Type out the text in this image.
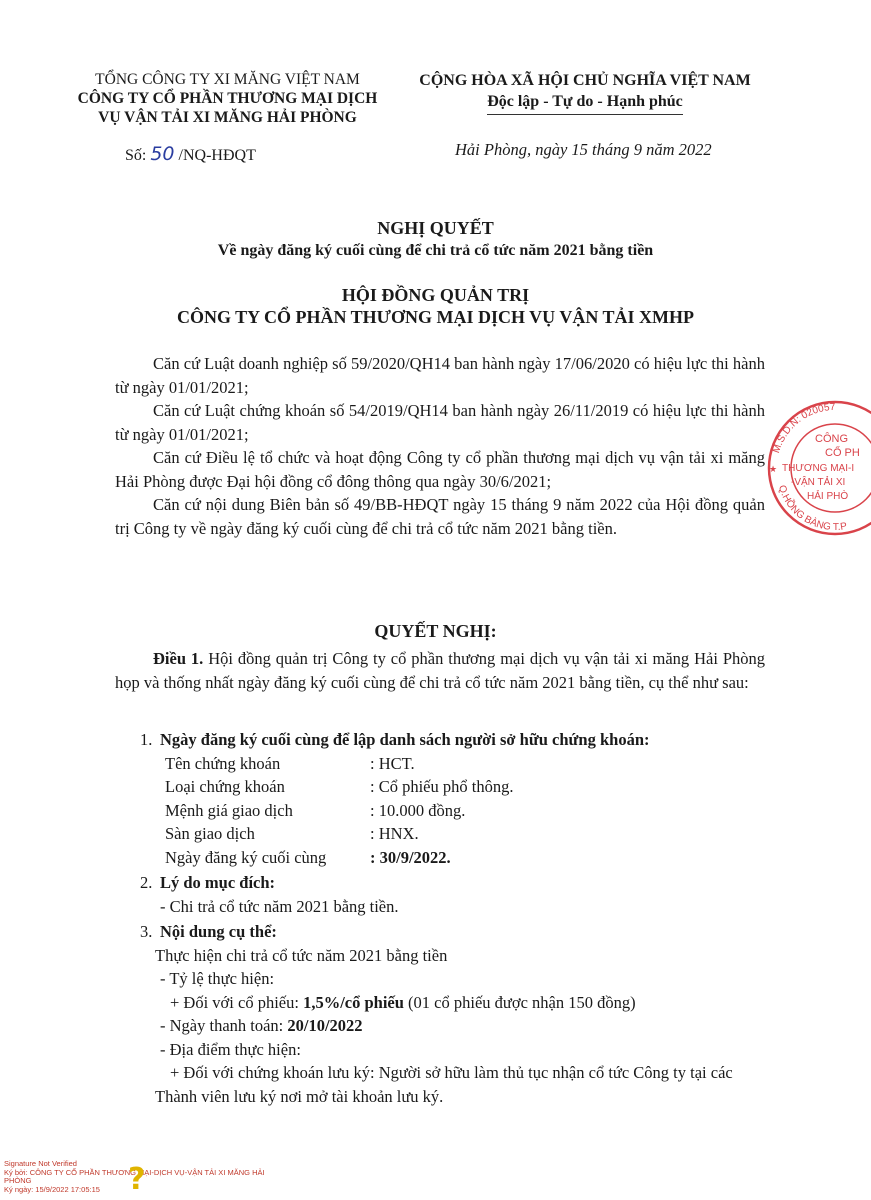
TỔNG CÔNG TY XI MĂNG VIỆT NAM
CÔNG TY CỔ PHẦN THƯƠNG MẠI DỊCH
VỤ VẬN TẢI XI MĂNG HẢI PHÒNG
CỘNG HÒA XÃ HỘI CHỦ NGHĨA VIỆT NAM
Độc lập - Tự do - Hạnh phúc
Số: 50 /NQ-HĐQT	Hải Phòng, ngày 15 tháng 9 năm 2022
NGHỊ QUYẾT
Về ngày đăng ký cuối cùng để chi trả cổ tức năm 2021 bằng tiền
HỘI ĐỒNG QUẢN TRỊ
CÔNG TY CỔ PHẦN THƯƠNG MẠI DỊCH VỤ VẬN TẢI XMHP

Căn cứ Luật doanh nghiệp số 59/2020/QH14 ban hành ngày 17/06/2020 có hiệu lực thi hành từ ngày 01/01/2021;

Căn cứ Luật chứng khoán số 54/2019/QH14 ban hành ngày 26/11/2019 có hiệu lực thi hành từ ngày 01/01/2021;

Căn cứ Điều lệ tổ chức và hoạt động Công ty cổ phần thương mại dịch vụ vận tải xi măng Hải Phòng được Đại hội đồng cổ đông thông qua ngày 30/6/2021;

Căn cứ nội dung Biên bản số 49/BB-HĐQT ngày 15 tháng 9 năm 2022 của Hội đồng quản trị Công ty về ngày đăng ký cuối cùng để chi trả cổ tức năm 2021 bằng tiền.

QUYẾT NGHỊ:

Điều 1. Hội đồng quản trị Công ty cổ phần thương mại dịch vụ vận tải xi măng Hải Phòng họp và thống nhất ngày đăng ký cuối cùng để chi trả cổ tức năm 2021 bằng tiền, cụ thể như sau:

1. Ngày đăng ký cuối cùng để lập danh sách người sở hữu chứng khoán:
Tên chứng khoán	: HCT.
Loại chứng khoán	: Cổ phiếu phổ thông.
Mệnh giá giao dịch	: 10.000 đồng.
Sàn giao dịch	: HNX.
Ngày đăng ký cuối cùng	: 30/9/2022.
2. Lý do mục đích:
- Chi trả cổ tức năm 2021 bằng tiền.
3. Nội dung cụ thể:
Thực hiện chi trả cổ tức năm 2021 bằng tiền
- Tỷ lệ thực hiện:
+ Đối với cổ phiếu: 1,5%/cổ phiếu (01 cổ phiếu được nhận 150 đồng)
- Ngày thanh toán: 20/10/2022
- Địa điểm thực hiện:
+ Đối với chứng khoán lưu ký: Người sở hữu làm thủ tục nhận cổ tức Công ty tại các Thành viên lưu ký nơi mở tài khoản lưu ký.
M.S.D.N: 020057
Q.HỒNG BÀNG T.P
CÔNG
CỔ PH
THƯƠNG MẠI-I
-VẬN TẢI XI
HẢI PHÒ
★
Signature Not Verified
Ký bởi: CÔNG TY CỔ PHẦN THƯƠNG MẠI-DỊCH VỤ-VẬN TẢI XI MĂNG HẢI
PHÒNG
Ký ngày: 15/9/2022 17:05:15 ?
